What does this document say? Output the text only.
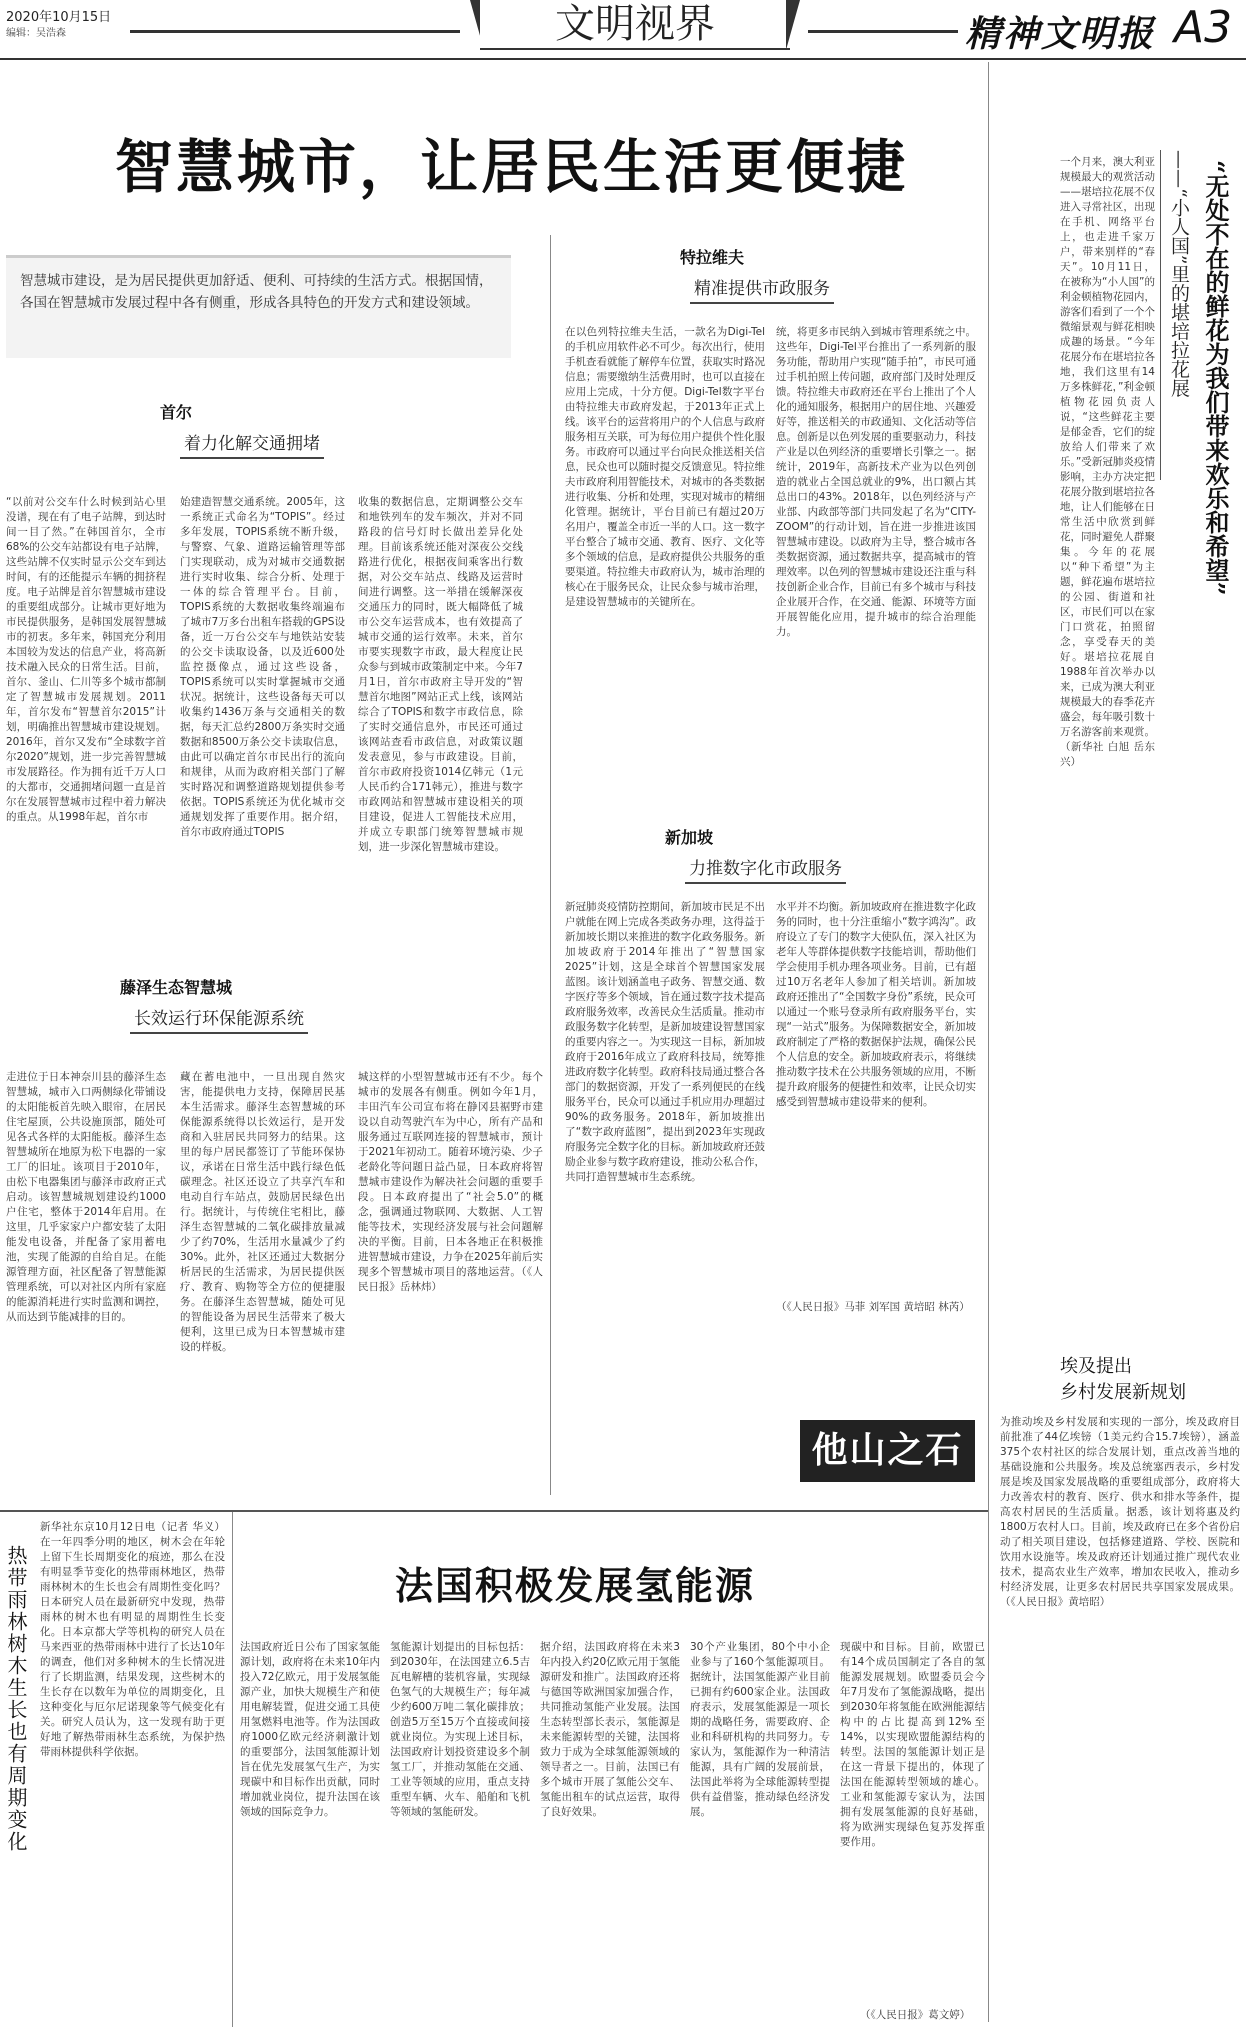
2020年10月15日
编辑：吴浩森	文明视界	精神文明报 A3
智慧城市，让居民生活更便捷
智慧城市建设，是为居民提供更加舒适、便利、可持续的生活方式。根据国情，各国在智慧城市发展过程中各有侧重，形成各具特色的开发方式和建设领域。
首尔
着力化解交通拥堵
“以前对公交车什么时候到站心里没谱，现在有了电子站牌，到达时间一目了然。”在韩国首尔，全市68%的公交车站都设有电子站牌，这些站牌不仅实时显示公交车到达时间，有的还能提示车辆的拥挤程度。电子站牌是首尔智慧城市建设的重要组成部分。让城市更好地为市民提供服务，是韩国发展智慧城市的初衷。多年来，韩国充分利用本国较为发达的信息产业，将高新技术融入民众的日常生活。目前，首尔、釜山、仁川等多个城市都制定了智慧城市发展规划。2011年，首尔发布“智慧首尔2015”计划，明确推出智慧城市建设规划。2016年，首尔又发布“全球数字首尔2020”规划，进一步完善智慧城市发展路径。作为拥有近千万人口的大都市，交通拥堵问题一直是首尔在发展智慧城市过程中着力解决的重点。从1998年起，首尔市
始建造智慧交通系统。2005年，这一系统正式命名为“TOPIS”。经过多年发展，TOPIS系统不断升级，与警察、气象、道路运输管理等部门实现联动，成为对城市交通数据进行实时收集、综合分析、处理于一体的综合管理平台。目前，TOPIS系统的大数据收集终端遍布了城市7万多台出租车搭载的GPS设备，近一万台公交车与地铁站安装的公交卡读取设备，以及近600处监控摄像点，通过这些设备，TOPIS系统可以实时掌握城市交通状况。据统计，这些设备每天可以收集约1436万条与交通相关的数据，每天汇总约2800万条实时交通数据和8500万条公交卡读取信息，由此可以确定首尔市民出行的流向和规律，从而为政府相关部门了解实时路况和调整道路规划提供参考依据。TOPIS系统还为优化城市交通规划发挥了重要作用。据介绍，首尔市政府通过TOPIS
收集的数据信息，定期调整公交车和地铁列车的发车频次，并对不同路段的信号灯时长做出差异化处理。目前该系统还能对深夜公交线路进行优化，根据夜间乘客出行数据，对公交车站点、线路及运营时间进行调整。这一举措在缓解深夜交通压力的同时，既大幅降低了城市公交车运营成本，也有效提高了城市交通的运行效率。未来，首尔市要实现数字市政，最大程度让民众参与到城市政策制定中来。今年7月1日，首尔市政府主导开发的“智慧首尔地图”网站正式上线，该网站综合了TOPIS和数字市政信息，除了实时交通信息外，市民还可通过该网站查看市政信息，对政策议题发表意见，参与市政建设。目前，首尔市政府投资1014亿韩元（1元人民币约合171韩元），推进与数字市政网站和智慧城市建设相关的项目建设，促进人工智能技术应用，并成立专职部门统筹智慧城市规划，进一步深化智慧城市建设。
特拉维夫
精准提供市政服务
在以色列特拉维夫生活，一款名为Digi-Tel的手机应用软件必不可少。每次出行，使用手机查看就能了解停车位置，获取实时路况信息；需要缴纳生活费用时，也可以直接在应用上完成，十分方便。Digi-Tel数字平台由特拉维夫市政府发起，于2013年正式上线。该平台的运营将用户的个人信息与政府服务相互关联，可为每位用户提供个性化服务。市政府可以通过平台向民众推送相关信息，民众也可以随时提交反馈意见。特拉维夫市政府利用智能技术，对城市的各类数据进行收集、分析和处理，实现对城市的精细化管理。据统计，平台目前已有超过20万名用户，覆盖全市近一半的人口。这一数字平台整合了城市交通、教育、医疗、文化等多个领域的信息，是政府提供公共服务的重要渠道。特拉维夫市政府认为，城市治理的核心在于服务民众，让民众参与城市治理，是建设智慧城市的关键所在。
统，将更多市民纳入到城市管理系统之中。这些年，Digi-Tel平台推出了一系列新的服务功能，帮助用户实现“随手拍”，市民可通过手机拍照上传问题，政府部门及时处理反馈。特拉维夫市政府还在平台上推出了个人化的通知服务，根据用户的居住地、兴趣爱好等，推送相关的市政通知、文化活动等信息。创新是以色列发展的重要驱动力，科技产业是以色列经济的重要增长引擎之一。据统计，2019年，高新技术产业为以色列创造的就业占全国总就业的9%，出口额占其总出口的43%。2018年，以色列经济与产业部、内政部等部门共同发起了名为“CITY-ZOOM”的行动计划，旨在进一步推进该国智慧城市建设。以政府为主导，整合城市各类数据资源，通过数据共享，提高城市的管理效率。以色列的智慧城市建设还注重与科技创新企业合作，目前已有多个城市与科技企业展开合作，在交通、能源、环境等方面开展智能化应用，提升城市的综合治理能力。
新加坡
力推数字化市政服务
新冠肺炎疫情防控期间，新加坡市民足不出户就能在网上完成各类政务办理，这得益于新加坡长期以来推进的数字化政务服务。新加坡政府于2014年推出了“智慧国家2025”计划，这是全球首个智慧国家发展蓝图。该计划涵盖电子政务、智慧交通、数字医疗等多个领域，旨在通过数字技术提高政府服务效率，改善民众生活质量。推动市政服务数字化转型，是新加坡建设智慧国家的重要内容之一。为实现这一目标，新加坡政府于2016年成立了政府科技局，统筹推进政府数字化转型。政府科技局通过整合各部门的数据资源，开发了一系列便民的在线服务平台，民众可以通过手机应用办理超过90%的政务服务。2018年，新加坡推出了“数字政府蓝图”，提出到2023年实现政府服务完全数字化的目标。新加坡政府还鼓励企业参与数字政府建设，推动公私合作，共同打造智慧城市生态系统。
水平并不均衡。新加坡政府在推进数字化政务的同时，也十分注重缩小“数字鸿沟”。政府设立了专门的数字大使队伍，深入社区为老年人等群体提供数字技能培训，帮助他们学会使用手机办理各项业务。目前，已有超过10万名老年人参加了相关培训。新加坡政府还推出了“全国数字身份”系统，民众可以通过一个账号登录所有政府服务平台，实现“一站式”服务。为保障数据安全，新加坡政府制定了严格的数据保护法规，确保公民个人信息的安全。新加坡政府表示，将继续推动数字技术在公共服务领域的应用，不断提升政府服务的便捷性和效率，让民众切实感受到智慧城市建设带来的便利。
（《人民日报》马菲 刘军国 黄培昭 林芮）
他山之石
藤泽生态智慧城
长效运行环保能源系统
走进位于日本神奈川县的藤泽生态智慧城，城市入口两侧绿化带铺设的太阳能板首先映入眼帘，在居民住宅屋顶，公共设施顶部，随处可见各式各样的太阳能板。藤泽生态智慧城所在地原为松下电器的一家工厂的旧址。该项目于2010年，由松下电器集团与藤泽市政府正式启动。该智慧城规划建设约1000户住宅，整体于2014年启用。在这里，几乎家家户户都安装了太阳能发电设备，并配备了家用蓄电池，实现了能源的自给自足。在能源管理方面，社区配备了智慧能源管理系统，可以对社区内所有家庭的能源消耗进行实时监测和调控，从而达到节能减排的目的。
藏在蓄电池中，一旦出现自然灾害，能提供电力支持，保障居民基本生活需求。藤泽生态智慧城的环保能源系统得以长效运行，是开发商和入驻居民共同努力的结果。这里的每户居民都签订了节能环保协议，承诺在日常生活中践行绿色低碳理念。社区还设立了共享汽车和电动自行车站点，鼓励居民绿色出行。据统计，与传统住宅相比，藤泽生态智慧城的二氧化碳排放量减少了约70%，生活用水量减少了约30%。此外，社区还通过大数据分析居民的生活需求，为居民提供医疗、教育、购物等全方位的便捷服务。在藤泽生态智慧城，随处可见的智能设备为居民生活带来了极大便利，这里已成为日本智慧城市建设的样板。
城这样的小型智慧城市还有不少。每个城市的发展各有侧重。例如今年1月，丰田汽车公司宣布将在静冈县裾野市建设以自动驾驶汽车为中心，所有产品和服务通过互联网连接的智慧城市，预计于2021年初动工。随着环境污染、少子老龄化等问题日益凸显，日本政府将智慧城市建设作为解决社会问题的重要手段。日本政府提出了“社会5.0”的概念，强调通过物联网、大数据、人工智能等技术，实现经济发展与社会问题解决的平衡。目前，日本各地正在积极推进智慧城市建设，力争在2025年前后实现多个智慧城市项目的落地运营。（《人民日报》岳林炜）
“无处不在的鲜花为我们带来欢乐和希望”
——“小人国”里的堪培拉花展
一个月来，澳大利亚规模最大的观赏活动——堪培拉花展不仅进入寻常社区，出现在手机、网络平台上，也走进千家万户，带来别样的“春天”。10月11日，在被称为“小人国”的利金顿植物花园内，游客们看到了一个个微缩景观与鲜花相映成趣的场景。“今年花展分布在堪培拉各地，我们这里有14万多株鲜花，”利金顿植物花园负责人说，“这些鲜花主要是郁金香，它们的绽放给人们带来了欢乐。”受新冠肺炎疫情影响，主办方决定把花展分散到堪培拉各地，让人们能够在日常生活中欣赏到鲜花，同时避免人群聚集。今年的花展以“种下希望”为主题，鲜花遍布堪培拉的公园、街道和社区，市民们可以在家门口赏花，拍照留念，享受春天的美好。堪培拉花展自1988年首次举办以来，已成为澳大利亚规模最大的春季花卉盛会，每年吸引数十万名游客前来观赏。（新华社 白旭 岳东兴）
埃及提出
乡村发展新规划
为推动埃及乡村发展和实现的一部分，埃及政府目前批准了44亿埃镑（1美元约合15.7埃镑），涵盖375个农村社区的综合发展计划，重点改善当地的基础设施和公共服务。埃及总统塞西表示，乡村发展是埃及国家发展战略的重要组成部分，政府将大力改善农村的教育、医疗、供水和排水等条件，提高农村居民的生活质量。据悉，该计划将惠及约1800万农村人口。目前，埃及政府已在多个省份启动了相关项目建设，包括修建道路、学校、医院和饮用水设施等。埃及政府还计划通过推广现代农业技术，提高农业生产效率，增加农民收入，推动乡村经济发展，让更多农村居民共享国家发展成果。（《人民日报》黄培昭）
热带雨林树木生长也有周期变化
新华社东京10月12日电（记者 华义）在一年四季分明的地区，树木会在年轮上留下生长周期变化的痕迹，那么在没有明显季节变化的热带雨林地区，热带雨林树木的生长也会有周期性变化吗？日本研究人员在最新研究中发现，热带雨林的树木也有明显的周期性生长变化。日本京都大学等机构的研究人员在马来西亚的热带雨林中进行了长达10年的调查，他们对多种树木的生长情况进行了长期监测，结果发现，这些树木的生长存在以数年为单位的周期变化，且这种变化与厄尔尼诺现象等气候变化有关。研究人员认为，这一发现有助于更好地了解热带雨林生态系统，为保护热带雨林提供科学依据。
法国积极发展氢能源
法国政府近日公布了国家氢能源计划，政府将在未来10年内投入72亿欧元，用于发展氢能源产业，加快大规模生产和使用电解装置，促进交通工具使用氢燃料电池等。作为法国政府1000亿欧元经济刺激计划的重要部分，法国氢能源计划旨在优先发展氢气生产，为实现碳中和目标作出贡献，同时增加就业岗位，提升法国在该领域的国际竞争力。
氢能源计划提出的目标包括：到2030年，在法国建立6.5吉瓦电解槽的装机容量，实现绿色氢气的大规模生产；每年减少约600万吨二氧化碳排放；创造5万至15万个直接或间接就业岗位。为实现上述目标，法国政府计划投资建设多个制氢工厂，并推动氢能在交通、工业等领域的应用，重点支持重型车辆、火车、船舶和飞机等领域的氢能研发。
据介绍，法国政府将在未来3年内投入约20亿欧元用于氢能源研发和推广。法国政府还将与德国等欧洲国家加强合作，共同推动氢能产业发展。法国生态转型部长表示，氢能源是未来能源转型的关键，法国将致力于成为全球氢能源领域的领导者之一。目前，法国已有多个城市开展了氢能公交车、氢能出租车的试点运营，取得了良好效果。
30个产业集团，80个中小企业参与了160个氢能源项目。据统计，法国氢能源产业目前已拥有约600家企业。法国政府表示，发展氢能源是一项长期的战略任务，需要政府、企业和科研机构的共同努力。专家认为，氢能源作为一种清洁能源，具有广阔的发展前景，法国此举将为全球能源转型提供有益借鉴，推动绿色经济发展。
现碳中和目标。目前，欧盟已有14个成员国制定了各自的氢能源发展规划。欧盟委员会今年7月发布了氢能源战略，提出到2030年将氢能在欧洲能源结构中的占比提高到12%至14%，以实现欧盟能源结构的转型。法国的氢能源计划正是在这一背景下提出的，体现了法国在能源转型领域的雄心。工业和氢能源专家认为，法国拥有发展氢能源的良好基础，将为欧洲实现绿色复苏发挥重要作用。
（《人民日报》葛文婷）
